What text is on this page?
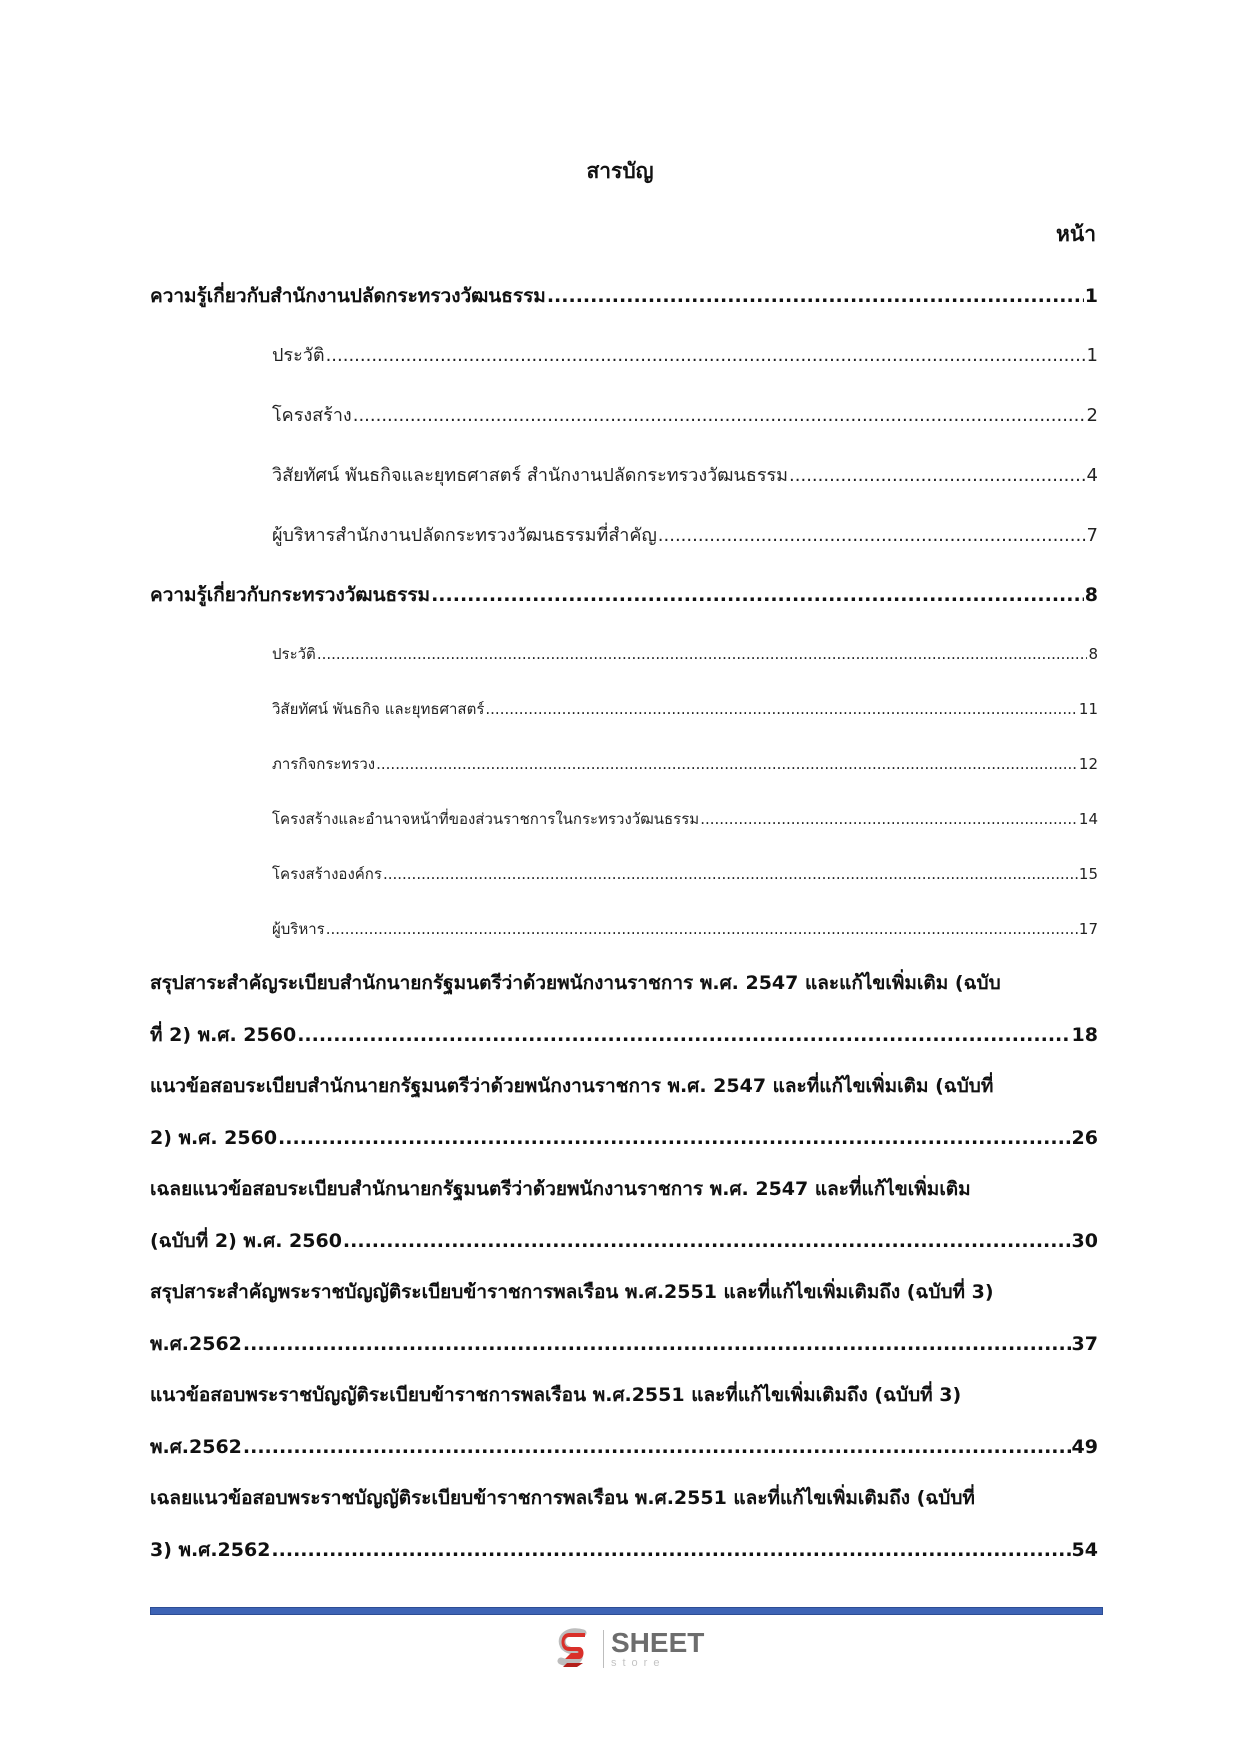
สารบัญ
หน้า
ความรู้เกี่ยวกับสำนักงานปลัดกระทรวงวัฒนธรรม .....	1
ประวัติ .....	1
โครงสร้าง .....	2
วิสัยทัศน์ พันธกิจและยุทธศาสตร์ สำนักงานปลัดกระทรวงวัฒนธรรม .....	4
ผู้บริหารสำนักงานปลัดกระทรวงวัฒนธรรมที่สำคัญ .....	7
ความรู้เกี่ยวกับกระทรวงวัฒนธรรม .....	8
ประวัติ .....	8
วิสัยทัศน์ พันธกิจ และยุทธศาสตร์ .....	11
ภารกิจกระทรวง .....	12
โครงสร้างและอำนาจหน้าที่ของส่วนราชการในกระทรวงวัฒนธรรม .....	14
โครงสร้างองค์กร .....	15
ผู้บริหาร .....	17
สรุปสาระสำคัญระเบียบสำนักนายกรัฐมนตรีว่าด้วยพนักงานราชการ พ.ศ. 2547 และแก้ไขเพิ่มเติม (ฉบับ
ที่ 2) พ.ศ. 2560 .....	18
แนวข้อสอบระเบียบสำนักนายกรัฐมนตรีว่าด้วยพนักงานราชการ พ.ศ. 2547 และที่แก้ไขเพิ่มเติม (ฉบับที่
2) พ.ศ. 2560 .....	26
เฉลยแนวข้อสอบระเบียบสำนักนายกรัฐมนตรีว่าด้วยพนักงานราชการ พ.ศ. 2547 และที่แก้ไขเพิ่มเติม
(ฉบับที่ 2) พ.ศ. 2560 .....	30
สรุปสาระสำคัญพระราชบัญญัติระเบียบข้าราชการพลเรือน พ.ศ.2551 และที่แก้ไขเพิ่มเติมถึง (ฉบับที่ 3)
พ.ศ.2562 .....	37
แนวข้อสอบพระราชบัญญัติระเบียบข้าราชการพลเรือน พ.ศ.2551 และที่แก้ไขเพิ่มเติมถึง (ฉบับที่ 3)
พ.ศ.2562 .....	49
เฉลยแนวข้อสอบพระราชบัญญัติระเบียบข้าราชการพลเรือน พ.ศ.2551 และที่แก้ไขเพิ่มเติมถึง (ฉบับที่
3) พ.ศ.2562 .....	54
SHEET
store
